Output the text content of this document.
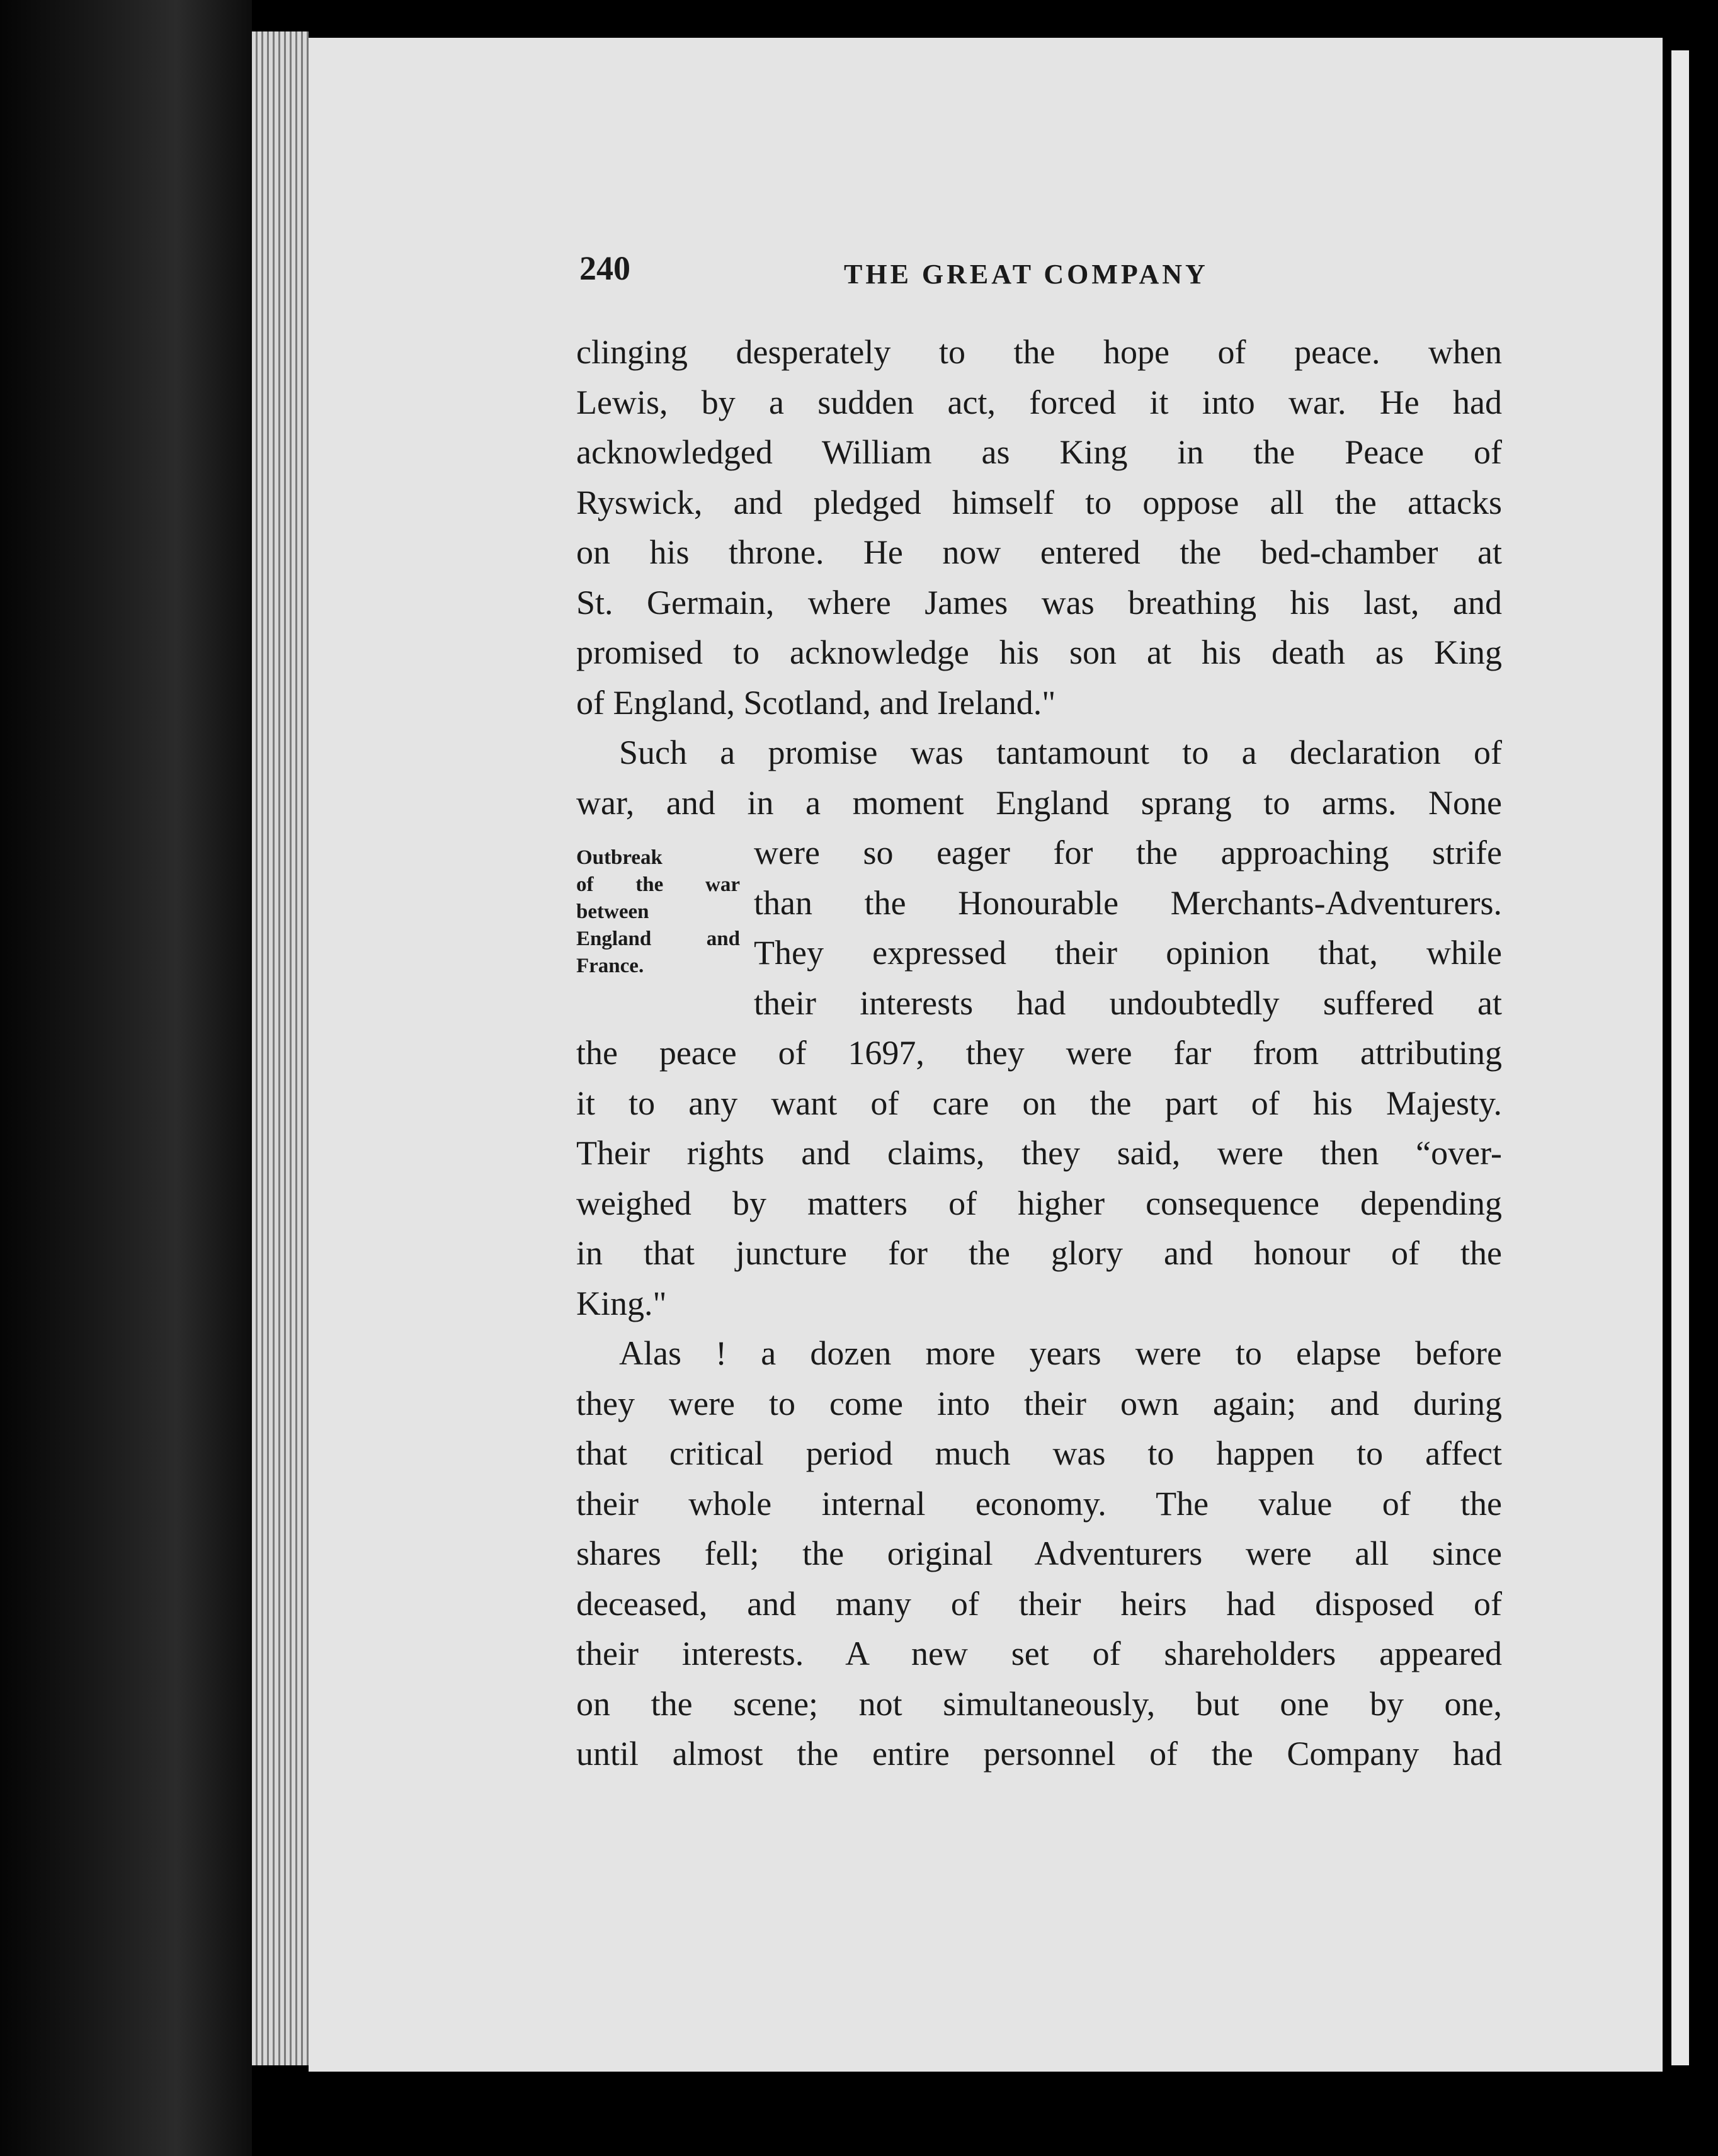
240	THE GREAT COMPANY
clinging desperately to the hope of peace. when
Lewis, by a sudden act, forced it into war. He had
acknowledged William as King in the Peace of
Ryswick, and pledged himself to oppose all the attacks
on his throne. He now entered the bed-chamber at
St. Germain, where James was breathing his last, and
promised to acknowledge his son at his death as King
of England, Scotland, and Ireland."
Such a promise was tantamount to a declaration of
war, and in a moment England sprang to arms. None
Outbreak
of the war
between
England and
France.
were so eager for the approaching strife
than the Honourable Merchants-Adventurers.
They expressed their opinion that, while
their interests had undoubtedly suffered at
the peace of 1697, they were far from attributing
it to any want of care on the part of his Majesty.
Their rights and claims, they said, were then “over-
weighed by matters of higher consequence depending
in that juncture for the glory and honour of the
King."
Alas ! a dozen more years were to elapse before
they were to come into their own again; and during
that critical period much was to happen to affect
their whole internal economy. The value of the
shares fell; the original Adventurers were all since
deceased, and many of their heirs had disposed of
their interests. A new set of shareholders appeared
on the scene; not simultaneously, but one by one,
until almost the entire personnel of the Company had
